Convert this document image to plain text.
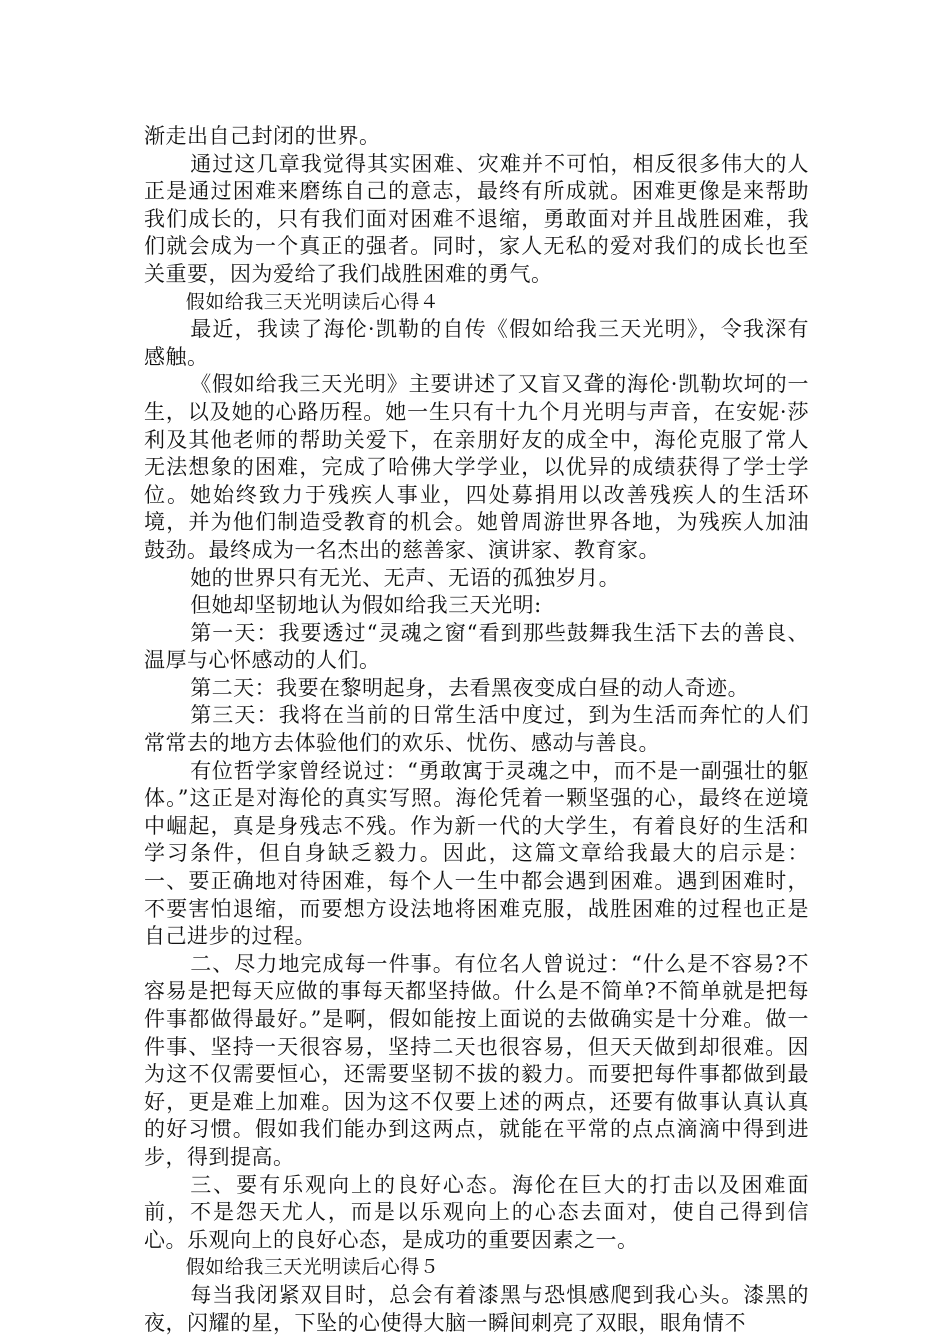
渐走出自己封闭的世界。

通过这几章我觉得其实困难、灾难并不可怕，相反很多伟大的人正是通过困难来磨练自己的意志，最终有所成就。困难更像是来帮助我们成长的，只有我们面对困难不退缩，勇敢面对并且战胜困难，我们就会成为一个真正的强者。同时，家人无私的爱对我们的成长也至关重要，因为爱给了我们战胜困难的勇气。

假如给我三天光明读后心得４

最近，我读了海伦·凯勒的自传《假如给我三天光明》，令我深有感触。

《假如给我三天光明》主要讲述了又盲又聋的海伦·凯勒坎坷的一生，以及她的心路历程。她一生只有十九个月光明与声音，在安妮·莎利及其他老师的帮助关爱下，在亲朋好友的成全中，海伦克服了常人无法想象的困难，完成了哈佛大学学业，以优异的成绩获得了学士学位。她始终致力于残疾人事业，四处募捐用以改善残疾人的生活环境，并为他们制造受教育的机会。她曾周游世界各地，为残疾人加油鼓劲。最终成为一名杰出的慈善家、演讲家、教育家。

她的世界只有无光、无声、无语的孤独岁月。

但她却坚韧地认为假如给我三天光明:

第一天：我要透过“灵魂之窗“看到那些鼓舞我生活下去的善良、温厚与心怀感动的人们。

第二天：我要在黎明起身，去看黑夜变成白昼的动人奇迹。

第三天：我将在当前的日常生活中度过，到为生活而奔忙的人们常常去的地方去体验他们的欢乐、忧伤、感动与善良。

有位哲学家曾经说过：“勇敢寓于灵魂之中，而不是一副强壮的躯体。”这正是对海伦的真实写照。海伦凭着一颗坚强的心，最终在逆境中崛起，真是身残志不残。作为新一代的大学生，有着良好的生活和学习条件，但自身缺乏毅力。因此，这篇文章给我最大的启示是：一、要正确地对待困难，每个人一生中都会遇到困难。遇到困难时，不要害怕退缩，而要想方设法地将困难克服，战胜困难的过程也正是自己进步的过程。

二、尽力地完成每一件事。有位名人曾说过：“什么是不容易?不容易是把每天应做的事每天都坚持做。什么是不简单?不简单就是把每件事都做得最好。”是啊，假如能按上面说的去做确实是十分难。做一件事、坚持一天很容易，坚持二天也很容易，但天天做到却很难。因为这不仅需要恒心，还需要坚韧不拔的毅力。而要把每件事都做到最好，更是难上加难。因为这不仅要上述的两点，还要有做事认真认真的好习惯。假如我们能办到这两点，就能在平常的点点滴滴中得到进步，得到提高。

三、要有乐观向上的良好心态。海伦在巨大的打击以及困难面前，不是怨天尤人，而是以乐观向上的心态去面对，使自己得到信心。乐观向上的良好心态，是成功的重要因素之一。

假如给我三天光明读后心得５

每当我闭紧双目时，总会有着漆黑与恐惧感爬到我心头。漆黑的夜，闪耀的星，下坠的心使得大脑一瞬间刺亮了双眼，眼角情不
